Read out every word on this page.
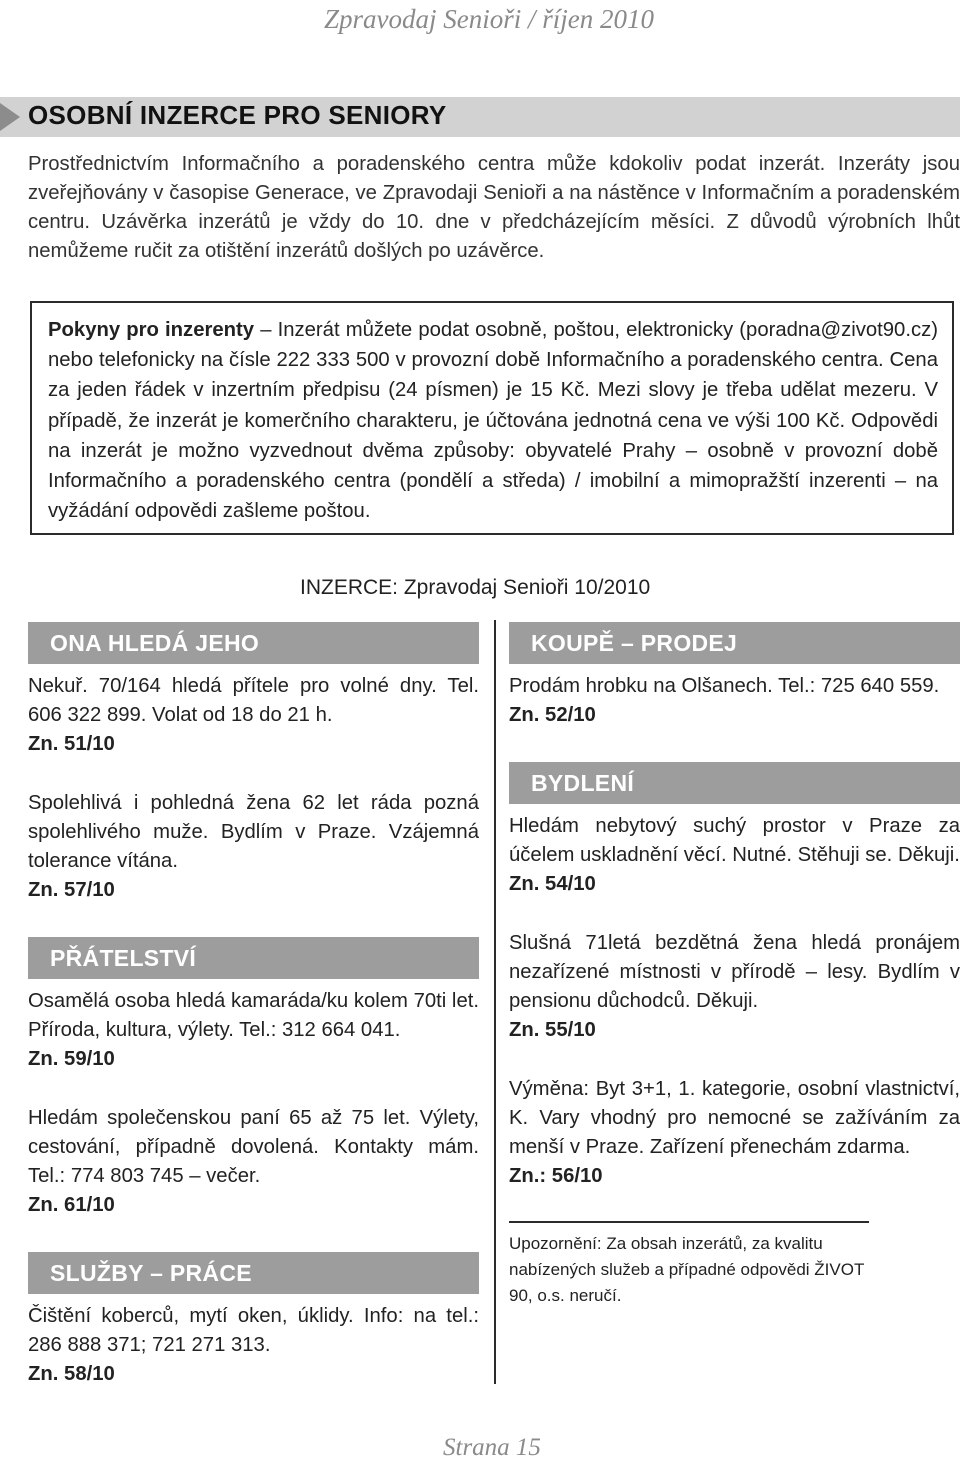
Zpravodaj Senioři / říjen 2010
OSOBNÍ INZERCE PRO SENIORY

Prostřednictvím Informačního a poradenského centra může kdokoliv podat inzerát. Inzeráty jsou zveřejňovány v časopise Generace, ve Zpravodaji Senioři a na nástěnce v Informačním a poradenském centru. Uzávěrka inzerátů je vždy do 10. dne v předcházejícím měsíci. Z důvodů výrobních lhůt nemůžeme ručit za otištění inzerátů došlých po uzávěrce.

Pokyny pro inzerenty – Inzerát můžete podat osobně, poštou, elektronicky (poradna@zivot90.cz) nebo telefonicky na čísle 222 333 500 v provozní době Informačního a poradenského centra. Cena za jeden řádek v inzertním předpisu (24 písmen) je 15 Kč. Mezi slovy je třeba udělat mezeru. V případě, že inzerát je komerčního charakteru, je účtována jednotná cena ve výši 100 Kč. Odpovědi na inzerát je možno vyzvednout dvěma způsoby: obyvatelé Prahy – osobně v provozní době Informačního a poradenského centra (pondělí a středa) / imobilní a mimopražští inzerenti – na vyžádání odpovědi zašleme poštou.

INZERCE: Zpravodaj Senioři 10/2010
ONA HLEDÁ JEHO

Nekuř. 70/164 hledá přítele pro volné dny. Tel. 606 322 899. Volat od 18 do 21 h.

Zn. 51/10

Spolehlivá i pohledná žena 62 let ráda pozná spolehlivého muže. Bydlím v Praze. Vzájemná tolerance vítána.

Zn. 57/10

PŘÁTELSTVÍ

Osamělá osoba hledá kamaráda/ku kolem 70ti let. Příroda, kultura, výlety. Tel.: 312 664 041.

Zn. 59/10

Hledám společenskou paní 65 až 75 let. Výlety, cestování, případně dovolená. Kontakty mám. Tel.: 774 803 745 – večer.

Zn. 61/10

SLUŽBY – PRÁCE

Čištění koberců, mytí oken, úklidy. Info: na tel.: 286 888 371; 721 271 313.

Zn. 58/10

KOUPĚ – PRODEJ

Prodám hrobku na Olšanech. Tel.: 725 640 559.

Zn. 52/10

BYDLENÍ

Hledám nebytový suchý prostor v Praze za účelem uskladnění věcí. Nutné. Stěhuji se. Děkuji.

Zn. 54/10

Slušná 71letá bezdětná žena hledá pronájem nezařízené místnosti v přírodě – lesy. Bydlím v pensionu důchodců. Děkuji.

Zn. 55/10

Výměna: Byt 3+1, 1. kategorie, osobní vlastnictví, K. Vary vhodný pro nemocné se zažíváním za menší v Praze. Zařízení přenechám zdarma.

Zn.: 56/10

Upozornění: Za obsah inzerátů, za kvalitu nabízených služeb a případné odpovědi ŽIVOT 90, o.s. neručí.
Strana 15
